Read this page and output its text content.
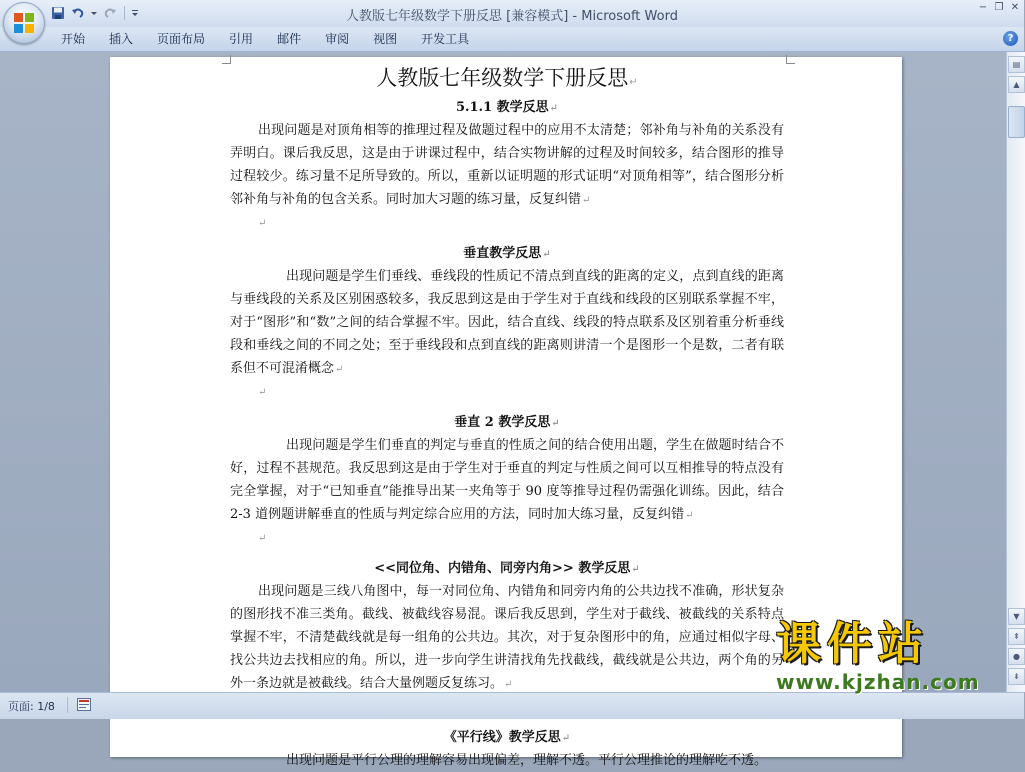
人教版七年级数学下册反思 [兼容模式] - Microsoft Word
− ❐ ✕
开始	插入	页面布局	引用	邮件	审阅	视图	开发工具	?
人教版七年级数学下册反思↵
5.1.1 教学反思↵

出现问题是对顶角相等的推理过程及做题过程中的应用不太清楚；邻补角与补角的关系没有弄明白。课后我反思，这是由于讲课过程中，结合实物讲解的过程及时间较多，结合图形的推导过程较少。练习量不足所导致的。所以，重新以证明题的形式证明“对顶角相等”，结合图形分析邻补角与补角的包含关系。同时加大习题的练习量，反复纠错↵

↵
垂直教学反思↵

出现问题是学生们垂线、垂线段的性质记不清点到直线的距离的定义，点到直线的距离与垂线段的关系及区别困惑较多，我反思到这是由于学生对于直线和线段的区别联系掌握不牢，对于“图形”和“数”之间的结合掌握不牢。因此，结合直线、线段的特点联系及区别着重分析垂线段和垂线之间的不同之处；至于垂线段和点到直线的距离则讲清一个是图形一个是数，二者有联系但不可混淆概念↵

↵
垂直 2 教学反思↵

出现问题是学生们垂直的判定与垂直的性质之间的结合使用出题，学生在做题时结合不好，过程不甚规范。我反思到这是由于学生对于垂直的判定与性质之间可以互相推导的特点没有完全掌握，对于“已知垂直”能推导出某一夹角等于 90 度等推导过程仍需强化训练。因此，结合 2-3 道例题讲解垂直的性质与判定综合应用的方法，同时加大练习量，反复纠错↵

↵
<<同位角、内错角、同旁内角>> 教学反思↵

出现问题是三线八角图中，每一对同位角、内错角和同旁内角的公共边找不准确，形状复杂的图形找不准三类角。截线、被截线容易混。课后我反思到，学生对于截线、被截线的关系特点掌握不牢，不清楚截线就是每一组角的公共边。其次，对于复杂图形中的角，应通过相似字母、找公共边去找相应的角。所以，进一步向学生讲清找角先找截线，截线就是公共边，两个角的另外一条边就是被截线。结合大量例题反复练习。↵

《平行线》教学反思↵

出现问题是平行公理的理解容易出现偏差，理解不透。平行公理推论的理解吃不透。

▤
▲
▼
⇞
●
⇟
页面: 1/8
课件站
www.kjzhan.com
